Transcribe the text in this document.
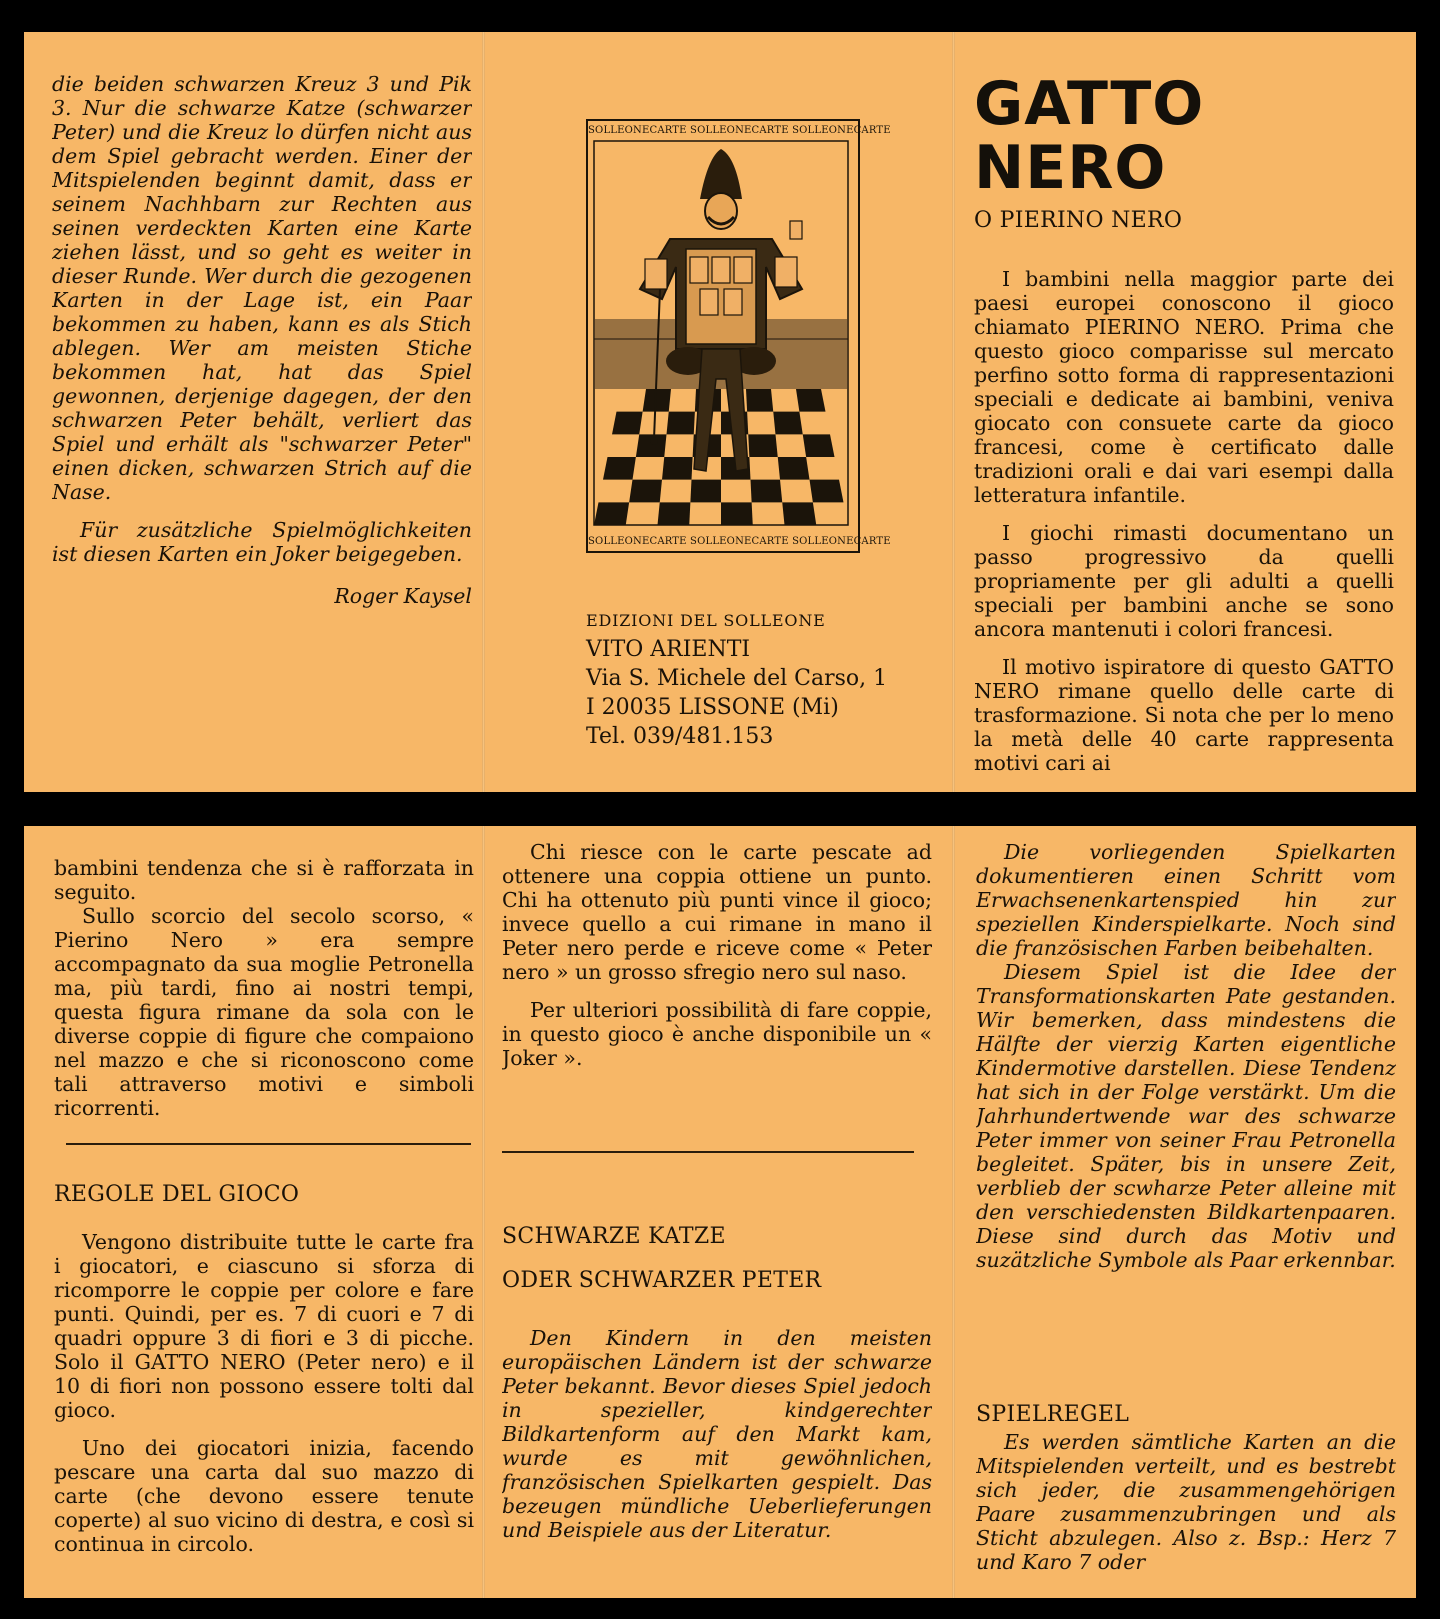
die beiden schwarzen Kreuz 3 und Pik 3. Nur die schwarze Katze (schwarzer Peter) und die Kreuz lo dürfen nicht aus dem Spiel gebracht werden. Einer der Mitspielenden beginnt damit, dass er seinem Nachhbarn zur Rechten aus seinen verdeckten Karten eine Karte ziehen lässt, und so geht es weiter in dieser Runde. Wer durch die gezogenen Karten in der Lage ist, ein Paar bekommen zu haben, kann es als Stich ablegen. Wer am meisten Stiche bekommen hat, hat das Spiel gewonnen, derjenige dagegen, der den schwarzen Peter behält, verliert das Spiel und erhält als "schwarzer Peter" einen dicken, schwarzen Strich auf die Nase.

Für zusätzliche Spielmöglichkeiten ist diesen Karten ein Joker beigegeben.

Roger Kaysel

SOLLEONECARTE SOLLEONECARTE SOLLEONECARTE
SOLLEONECARTE SOLLEONECARTE SOLLEONECARTE

EDIZIONI DEL SOLLEONE

VITO ARIENTI

Via S. Michele del Carso, 1

I 20035 LISSONE (Mi)

Tel. 039/481.153

GATTO NERO

O PIERINO NERO

I bambini nella maggior parte dei paesi europei conoscono il gioco chiamato PIERINO NERO. Prima che questo gioco comparisse sul mercato perfino sotto forma di rappresentazioni speciali e dedicate ai bambini, veniva giocato con consuete carte da gioco francesi, come è certificato dalle tradizioni orali e dai vari esempi dalla letteratura infantile.

I giochi rimasti documentano un passo progressivo da quelli propriamente per gli adulti a quelli speciali per bambini anche se sono ancora mantenuti i colori francesi.

Il motivo ispiratore di questo GATTO NERO rimane quello delle carte di trasformazione. Si nota che per lo meno la metà delle 40 carte rappresenta motivi cari ai

bambini tendenza che si è rafforzata in seguito.

Sullo scorcio del secolo scorso, « Pierino Nero » era sempre accompagnato da sua moglie Petronella ma, più tardi, fino ai nostri tempi, questa figura rimane da sola con le diverse coppie di figure che compaiono nel mazzo e che si riconoscono come tali attraverso motivi e simboli ricorrenti.

REGOLE DEL GIOCO

Vengono distribuite tutte le carte fra i giocatori, e ciascuno si sforza di ricomporre le coppie per colore e fare punti. Quindi, per es. 7 di cuori e 7 di quadri oppure 3 di fiori e 3 di picche. Solo il GATTO NERO (Peter nero) e il 10 di fiori non possono essere tolti dal gioco.

Uno dei giocatori inizia, facendo pescare una carta dal suo mazzo di carte (che devono essere tenute coperte) al suo vicino di destra, e così si continua in circolo.

Chi riesce con le carte pescate ad ottenere una coppia ottiene un punto. Chi ha ottenuto più punti vince il gioco; invece quello a cui rimane in mano il Peter nero perde e riceve come « Peter nero » un grosso sfregio nero sul naso.

Per ulteriori possibilità di fare coppie, in questo gioco è anche disponibile un « Joker ».

SCHWARZE KATZE

ODER SCHWARZER PETER

Den Kindern in den meisten europäischen Ländern ist der schwarze Peter bekannt. Bevor dieses Spiel jedoch in spezieller, kindgerechter Bildkartenform auf den Markt kam, wurde es mit gewöhnlichen, französischen Spielkarten gespielt. Das bezeugen mündliche Ueberlieferungen und Beispiele aus der Literatur.

Die vorliegenden Spielkarten dokumentieren einen Schritt vom Erwachsenenkartenspied hin zur speziellen Kinderspielkarte. Noch sind die französischen Farben beibehalten.

Diesem Spiel ist die Idee der Transformationskarten Pate gestanden. Wir bemerken, dass mindestens die Hälfte der vierzig Karten eigentliche Kindermotive darstellen. Diese Tendenz hat sich in der Folge verstärkt. Um die Jahrhundertwende war des schwarze Peter immer von seiner Frau Petronella begleitet. Später, bis in unsere Zeit, verblieb der scwharze Peter alleine mit den verschiedensten Bildkartenpaaren. Diese sind durch das Motiv und suzätzliche Symbole als Paar erkennbar.

SPIELREGEL

Es werden sämtliche Karten an die Mitspielenden verteilt, und es bestrebt sich jeder, die zusammengehörigen Paare zusammenzubringen und als Sticht abzulegen. Also z. Bsp.: Herz 7 und Karo 7 oder
